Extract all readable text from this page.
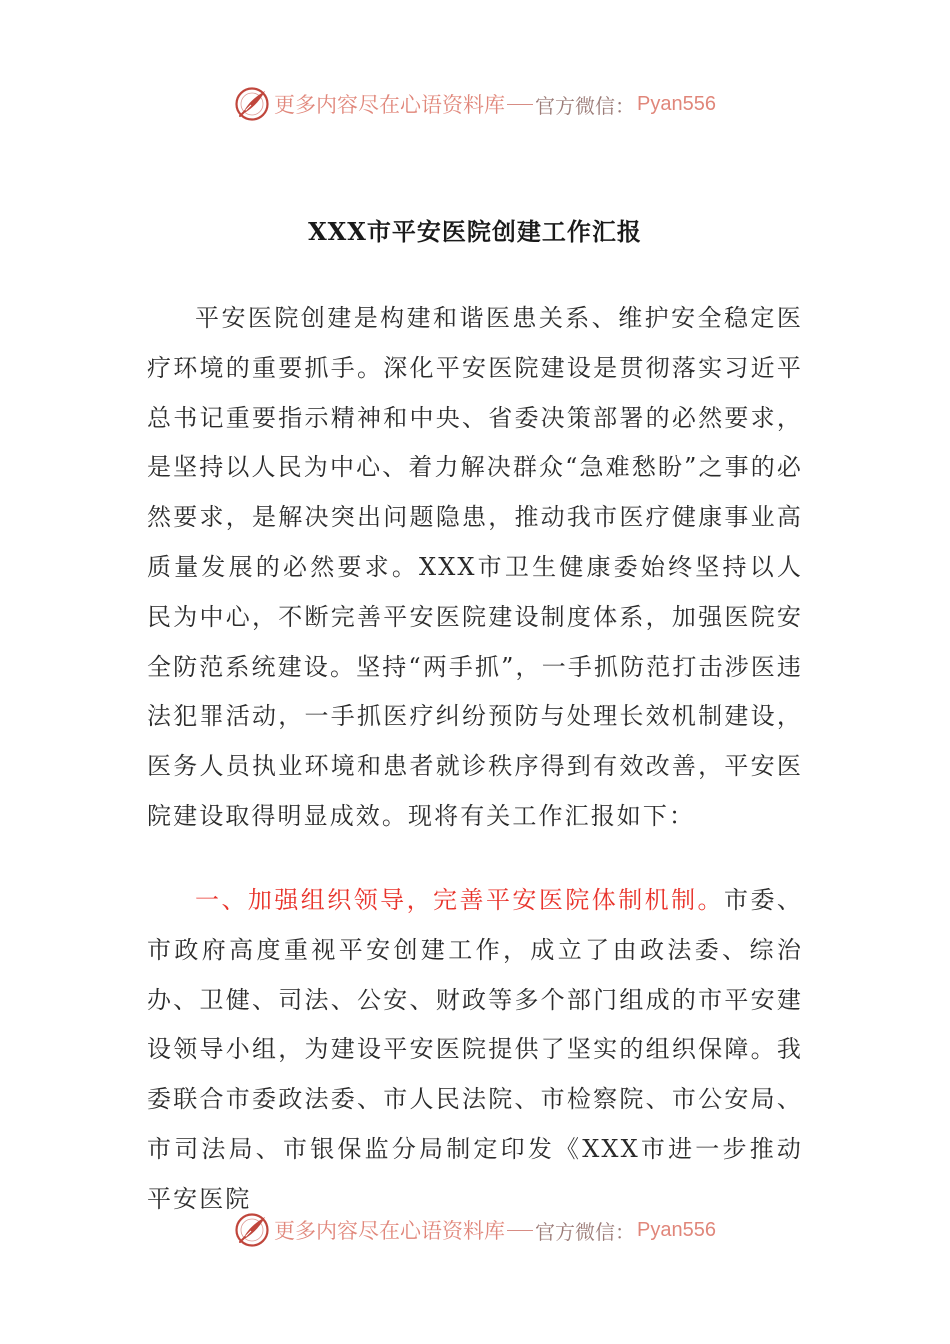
更多内容尽在心语资料库 官方微信： Pyan556
XXX市平安医院创建工作汇报

平安医院创建是构建和谐医患关系、维护安全稳定医疗环境的重要抓手。深化平安医院建设是贯彻落实习近平总书记重要指示精神和中央、省委决策部署的必然要求，是坚持以人民为中心、着力解决群众“急难愁盼”之事的必然要求，是解决突出问题隐患，推动我市医疗健康事业高质量发展的必然要求。XXX市卫生健康委始终坚持以人民为中心，不断完善平安医院建设制度体系，加强医院安全防范系统建设。坚持“两手抓”，一手抓防范打击涉医违法犯罪活动，一手抓医疗纠纷预防与处理长效机制建设，医务人员执业环境和患者就诊秩序得到有效改善，平安医院建设取得明显成效。现将有关工作汇报如下：

一、加强组织领导，完善平安医院体制机制。市委、市政府高度重视平安创建工作，成立了由政法委、综治办、卫健、司法、公安、财政等多个部门组成的市平安建设领导小组，为建设平安医院提供了坚实的组织保障。我委联合市委政法委、市人民法院、市检察院、市公安局、市司法局、市银保监分局制定印发《XXX市进一步推动平安医院

更多内容尽在心语资料库 官方微信： Pyan556
